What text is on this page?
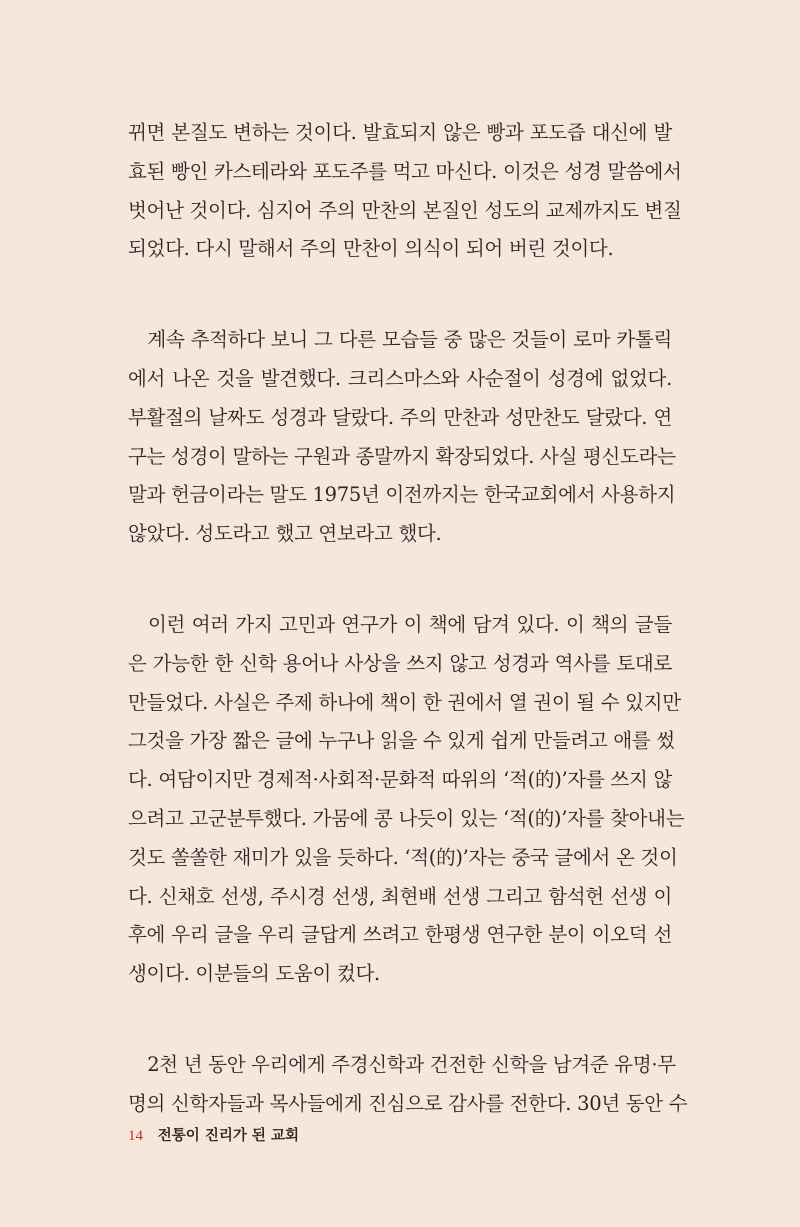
뀌면 본질도 변하는 것이다. 발효되지 않은 빵과 포도즙 대신에 발
효된 빵인 카스테라와 포도주를 먹고 마신다. 이것은 성경 말씀에서
벗어난 것이다. 심지어 주의 만찬의 본질인 성도의 교제까지도 변질
되었다. 다시 말해서 주의 만찬이 의식이 되어 버린 것이다.
　계속 추적하다 보니 그 다른 모습들 중 많은 것들이 로마 카톨릭
에서 나온 것을 발견했다. 크리스마스와 사순절이 성경에 없었다.
부활절의 날짜도 성경과 달랐다. 주의 만찬과 성만찬도 달랐다. 연
구는 성경이 말하는 구원과 종말까지 확장되었다. 사실 평신도라는
말과 헌금이라는 말도 1975년 이전까지는 한국교회에서 사용하지
않았다. 성도라고 했고 연보라고 했다.
　이런 여러 가지 고민과 연구가 이 책에 담겨 있다. 이 책의 글들
은 가능한 한 신학 용어나 사상을 쓰지 않고 성경과 역사를 토대로
만들었다. 사실은 주제 하나에 책이 한 권에서 열 권이 될 수 있지만
그것을 가장 짧은 글에 누구나 읽을 수 있게 쉽게 만들려고 애를 썼
다. 여담이지만 경제적·사회적·문화적 따위의 ‘적(的)’자를 쓰지 않
으려고 고군분투했다. 가뭄에 콩 나듯이 있는 ‘적(的)’자를 찾아내는
것도 쏠쏠한 재미가 있을 듯하다. ‘적(的)’자는 중국 글에서 온 것이
다. 신채호 선생, 주시경 선생, 최현배 선생 그리고 함석헌 선생 이
후에 우리 글을 우리 글답게 쓰려고 한평생 연구한 분이 이오덕 선
생이다. 이분들의 도움이 컸다.
　2천 년 동안 우리에게 주경신학과 건전한 신학을 남겨준 유명·무
명의 신학자들과 목사들에게 진심으로 감사를 전한다. 30년 동안 수
14 전통이 진리가 된 교회
